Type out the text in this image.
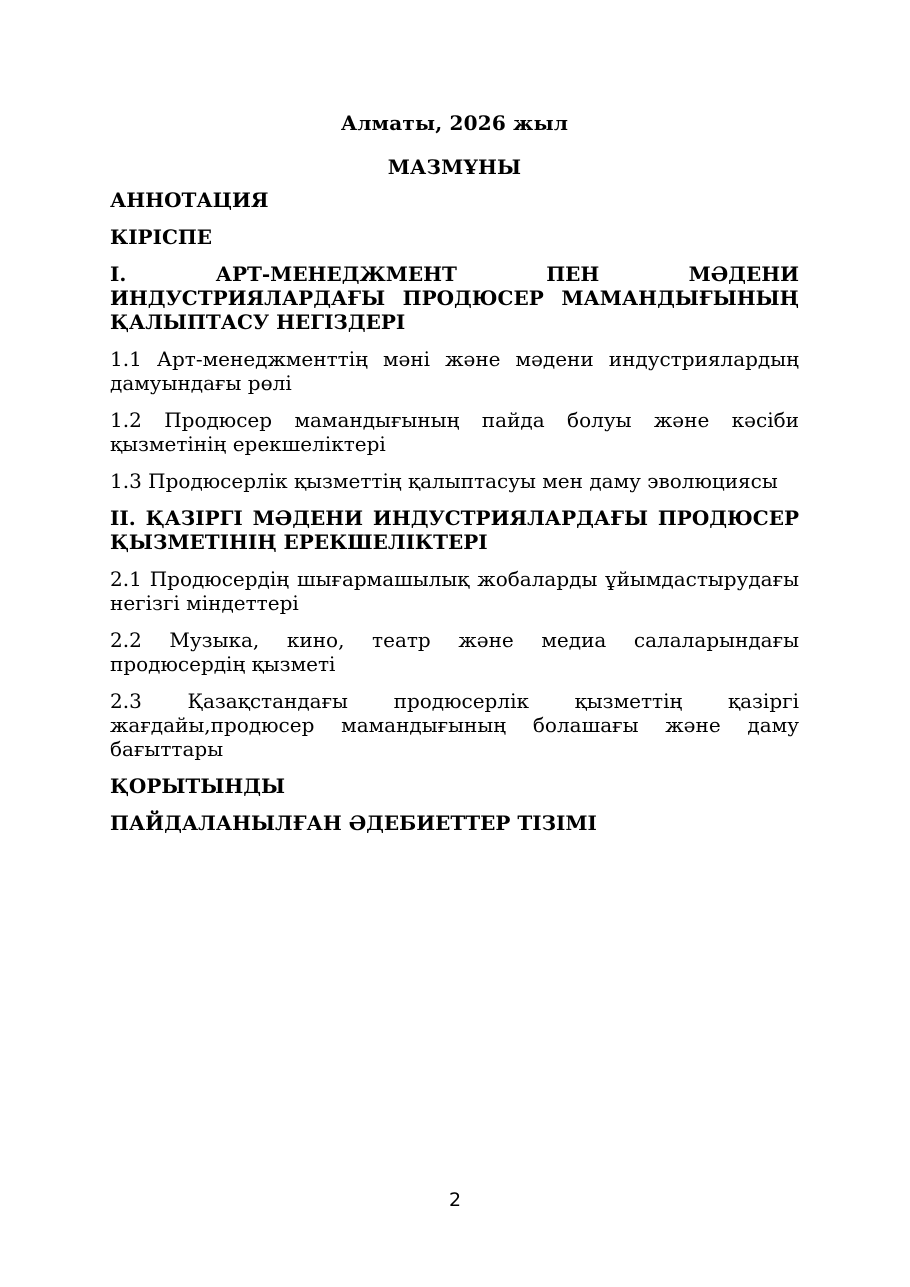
Алматы, 2026 жыл
МАЗМҰНЫ
АННОТАЦИЯ
КІРІСПЕ
I. АРТ-МЕНЕДЖМЕНТ ПЕН МӘДЕНИ ИНДУСТРИЯЛАРДАҒЫ ПРОДЮСЕР МАМАНДЫҒЫНЫҢ ҚАЛЫПТАСУ НЕГІЗДЕРІ
1.1 Арт-менеджменттің мәні және мәдени индустриялардың дамуындағы рөлі
1.2 Продюсер мамандығының пайда болуы және кәсіби қызметінің ерекшеліктері
1.3 Продюсерлік қызметтің қалыптасуы мен даму эволюциясы
II. ҚАЗІРГІ МӘДЕНИ ИНДУСТРИЯЛАРДАҒЫ ПРОДЮСЕР ҚЫЗМЕТІНІҢ ЕРЕКШЕЛІКТЕРІ
2.1 Продюсердің шығармашылық жобаларды ұйымдастырудағы негізгі міндеттері
2.2 Музыка, кино, театр және медиа салаларындағы продюсердің қызметі
2.3 Қазақстандағы продюсерлік қызметтің қазіргі жағдайы,продюсер мамандығының болашағы және даму бағыттары
ҚОРЫТЫНДЫ
ПАЙДАЛАНЫЛҒАН ӘДЕБИЕТТЕР ТІЗІМІ
2
